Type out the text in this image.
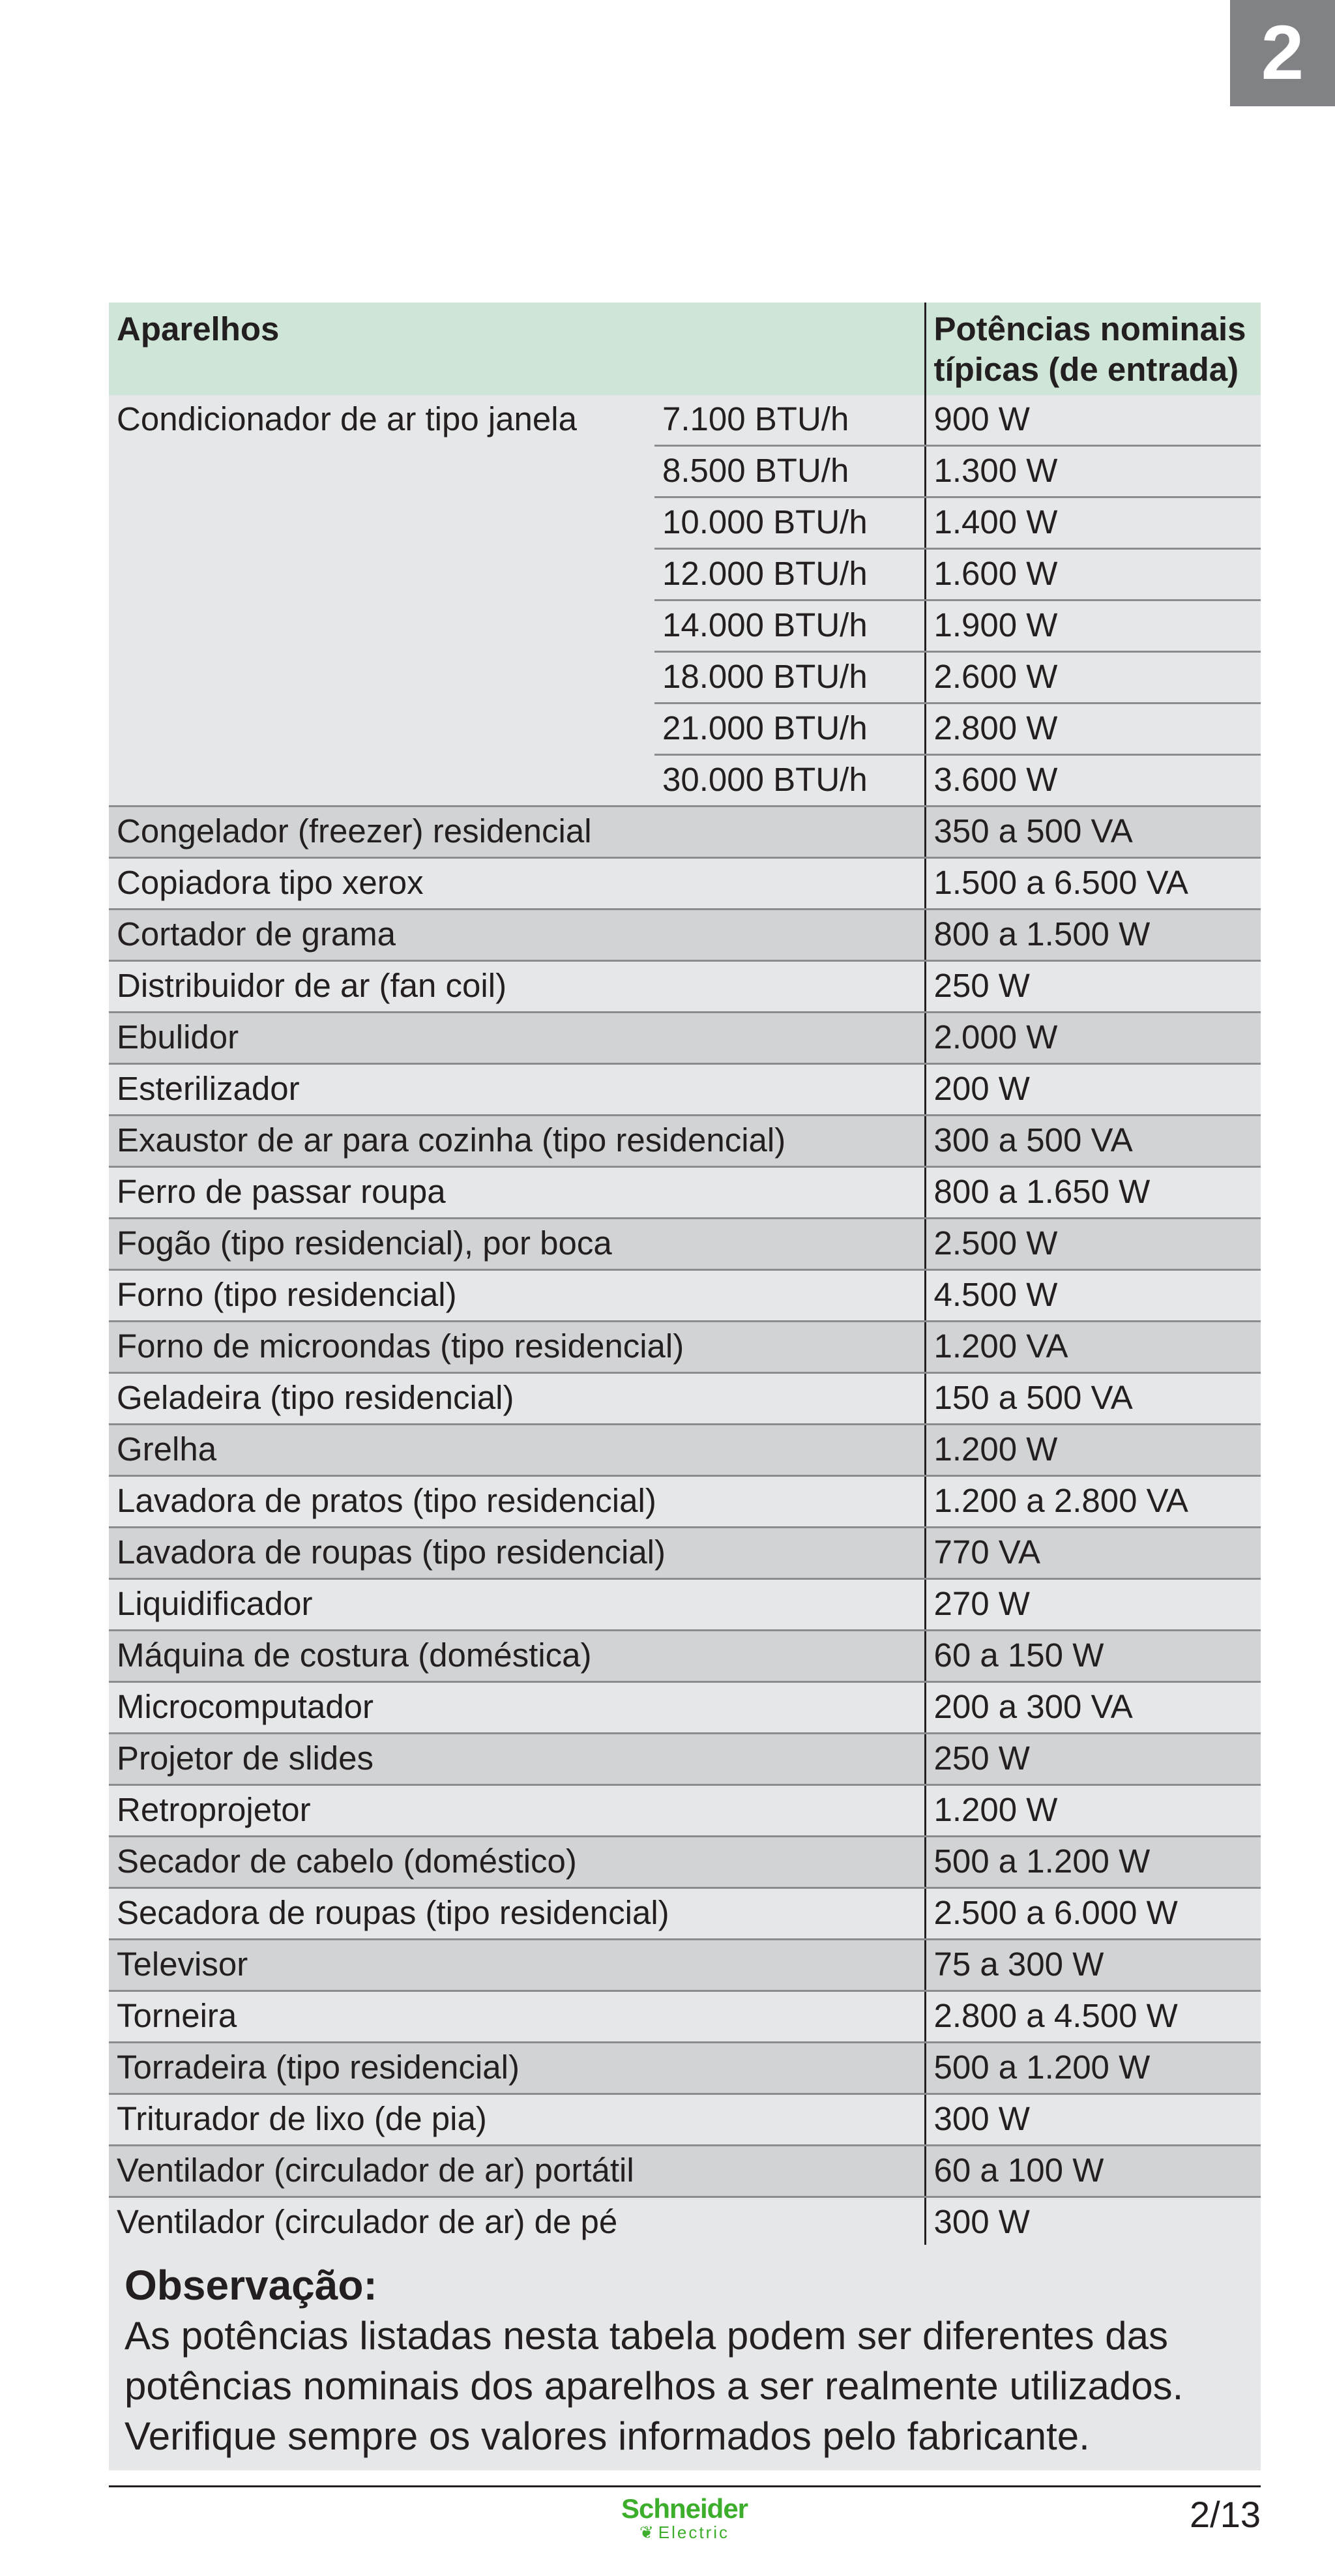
2
Aparelhos		Potências nominais típicas (de entrada)
Condicionador de ar tipo janela	7.100 BTU/h	900 W
	8.500 BTU/h	1.300 W
	10.000 BTU/h	1.400 W
	12.000 BTU/h	1.600 W
	14.000 BTU/h	1.900 W
	18.000 BTU/h	2.600 W
	21.000 BTU/h	2.800 W
	30.000 BTU/h	3.600 W
Congelador (freezer) residencial		350 a 500 VA
Copiadora tipo xerox		1.500 a 6.500 VA
Cortador de grama		800 a 1.500 W
Distribuidor de ar (fan coil)		250 W
Ebulidor		2.000 W
Esterilizador		200 W
Exaustor de ar para cozinha (tipo residencial)		300 a 500 VA
Ferro de passar roupa		800 a 1.650 W
Fogão (tipo residencial), por boca		2.500 W
Forno (tipo residencial)		4.500 W
Forno de microondas (tipo residencial)		1.200 VA
Geladeira (tipo residencial)		150 a 500 VA
Grelha		1.200 W
Lavadora de pratos (tipo residencial)		1.200 a 2.800 VA
Lavadora de roupas (tipo residencial)		770 VA
Liquidificador		270 W
Máquina de costura (doméstica)		60 a 150 W
Microcomputador		200 a 300 VA
Projetor de slides		250 W
Retroprojetor		1.200 W
Secador de cabelo (doméstico)		500 a 1.200 W
Secadora de roupas (tipo residencial)		2.500 a 6.000 W
Televisor		75 a 300 W
Torneira		2.800 a 4.500 W
Torradeira (tipo residencial)		500 a 1.200 W
Triturador de lixo (de pia)		300 W
Ventilador (circulador de ar) portátil		60 a 100 W
Ventilador (circulador de ar) de pé		300 W
Observação:
As potências listadas nesta tabela podem ser diferentes das potências nominais dos aparelhos a ser realmente utilizados. Verifique sempre os valores informados pelo fabricante.
Schneider
❦ Electric	2/13
